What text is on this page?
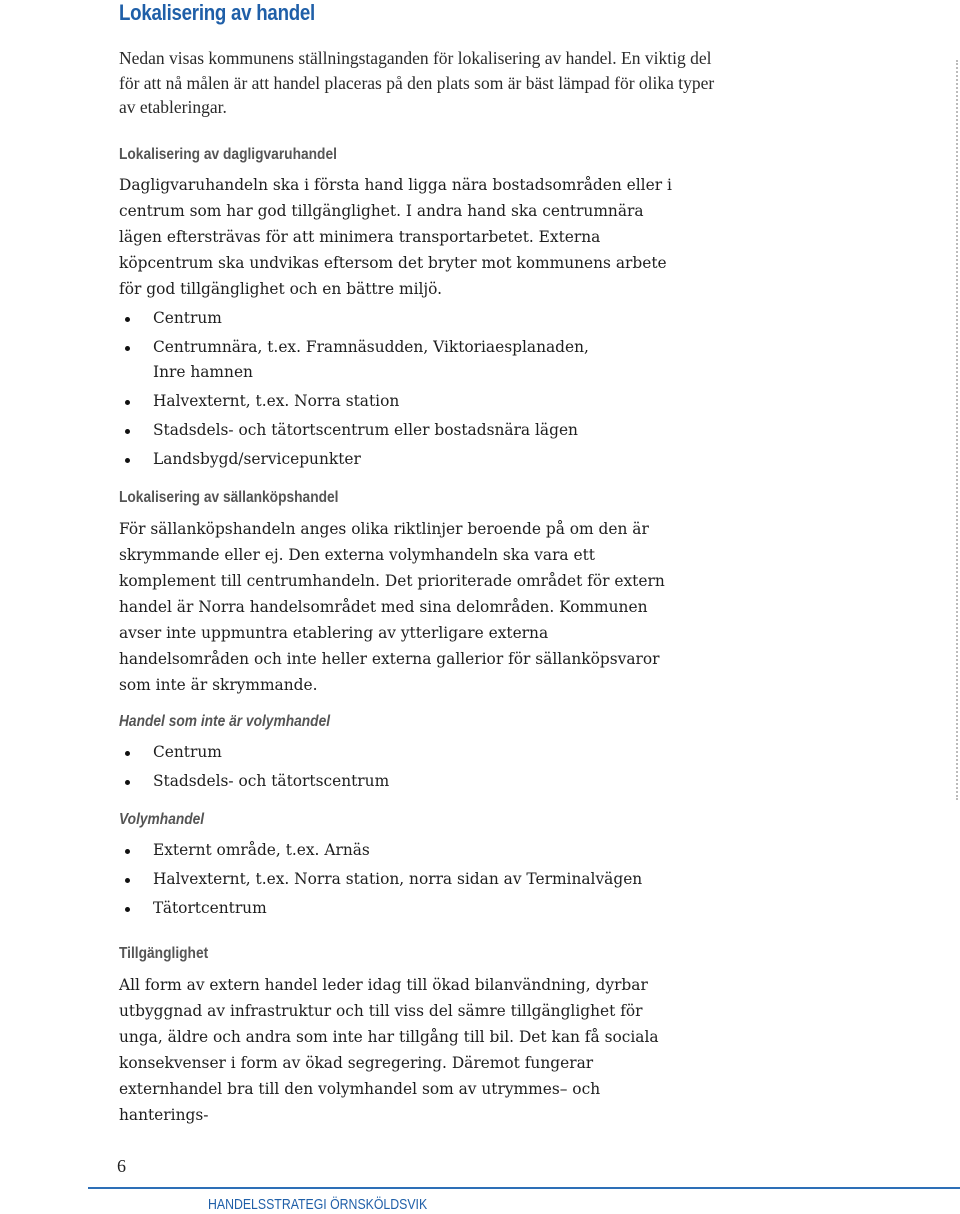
Lokalisering av handel

Nedan visas kommunens ställningstaganden för lokalisering av handel. En viktig del för att nå målen är att handel placeras på den plats som är bäst lämpad för olika typer av etableringar.

Lokalisering av dagligvaruhandel

Dagligvaruhandeln ska i första hand ligga nära bostadsområden eller i centrum som har god tillgänglighet. I andra hand ska centrumnära lägen eftersträvas för att minimera transportarbetet. Externa köpcentrum ska undvikas eftersom det bryter mot kommunens arbete för god tillgänglighet och en bättre miljö.

Centrum
Centrumnära, t.ex. Framnäsudden, Viktoriaesplanaden, Inre hamnen
Halvexternt, t.ex. Norra station
Stadsdels- och tätortscentrum eller bostadsnära lägen
Landsbygd/servicepunkter
Lokalisering av sällanköpshandel

För sällanköpshandeln anges olika riktlinjer beroende på om den är skrymmande eller ej. Den externa volymhandeln ska vara ett komplement till centrumhandeln. Det prioriterade området för extern handel är Norra handelsområdet med sina delområden. Kommunen avser inte uppmuntra etablering av ytterligare externa handelsområden och inte heller externa gallerior för sällanköpsvaror som inte är skrymmande.

Handel som inte är volymhandel
Centrum
Stadsdels- och tätortscentrum
Volymhandel
Externt område, t.ex. Arnäs
Halvexternt, t.ex. Norra station, norra sidan av Terminalvägen
Tätortcentrum
Tillgänglighet

All form av extern handel leder idag till ökad bilanvändning, dyrbar utbyggnad av infrastruktur och till viss del sämre tillgänglighet för unga, äldre och andra som inte har tillgång till bil. Det kan få sociala konsekvenser i form av ökad segregering. Däremot fungerar externhandel bra till den volymhandel som av utrymmes– och hanterings-

6
HANDELSSTRATEGI ÖRNSKÖLDSVIK
